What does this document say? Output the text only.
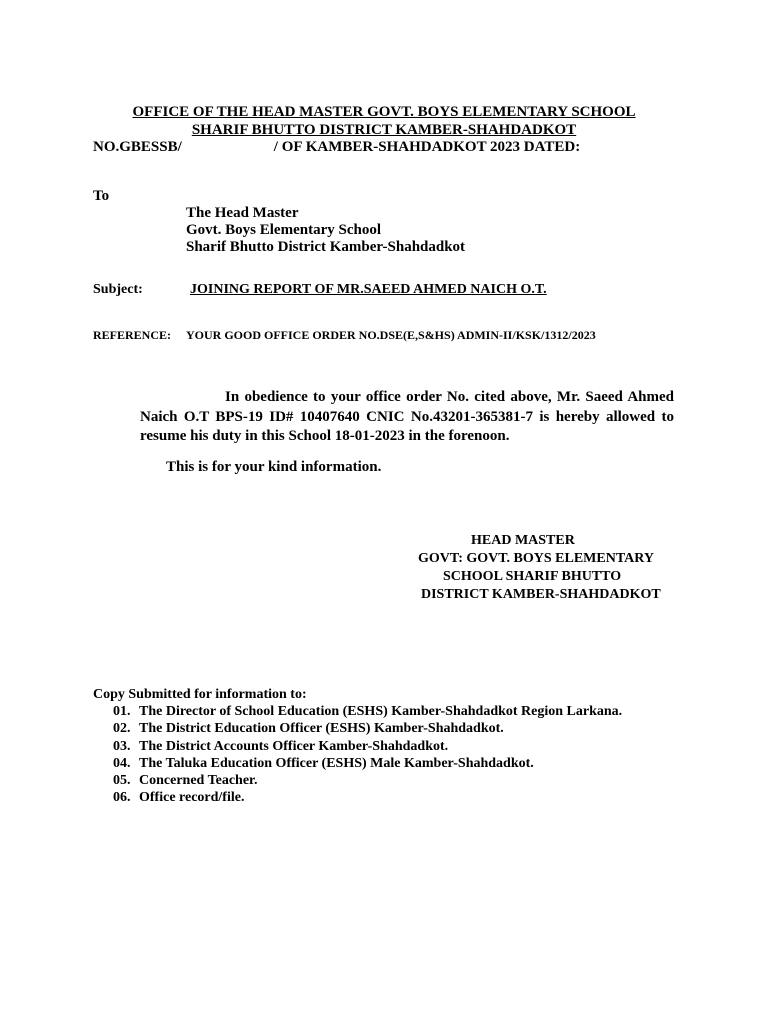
OFFICE OF THE HEAD MASTER GOVT. BOYS ELEMENTARY SCHOOL
SHARIF BHUTTO DISTRICT KAMBER-SHAHDADKOT
NO.GBESSB/	/ OF KAMBER-SHAHDADKOT 2023 DATED:
To
The Head Master
Govt. Boys Elementary School
Sharif Bhutto District Kamber-Shahdadkot
Subject:	JOINING REPORT OF MR.SAEED AHMED NAICH O.T.
REFERENCE: YOUR GOOD OFFICE ORDER NO.DSE(E,S&HS) ADMIN-II/KSK/1312/2023
In obedience to your office order No. cited above, Mr. Saeed Ahmed Naich O.T BPS-19 ID# 10407640 CNIC No.43201-365381-7 is hereby allowed to resume his duty in this School 18-01-2023 in the forenoon.
This is for your kind information.
HEAD MASTER
GOVT: GOVT. BOYS ELEMENTARY
SCHOOL SHARIF BHUTTO
DISTRICT KAMBER-SHAHDADKOT
Copy Submitted for information to:
01. The Director of School Education (ESHS) Kamber-Shahdadkot Region Larkana.
02. The District Education Officer (ESHS) Kamber-Shahdadkot.
03. The District Accounts Officer Kamber-Shahdadkot.
04. The Taluka Education Officer (ESHS) Male Kamber-Shahdadkot.
05. Concerned Teacher.
06. Office record/file.
